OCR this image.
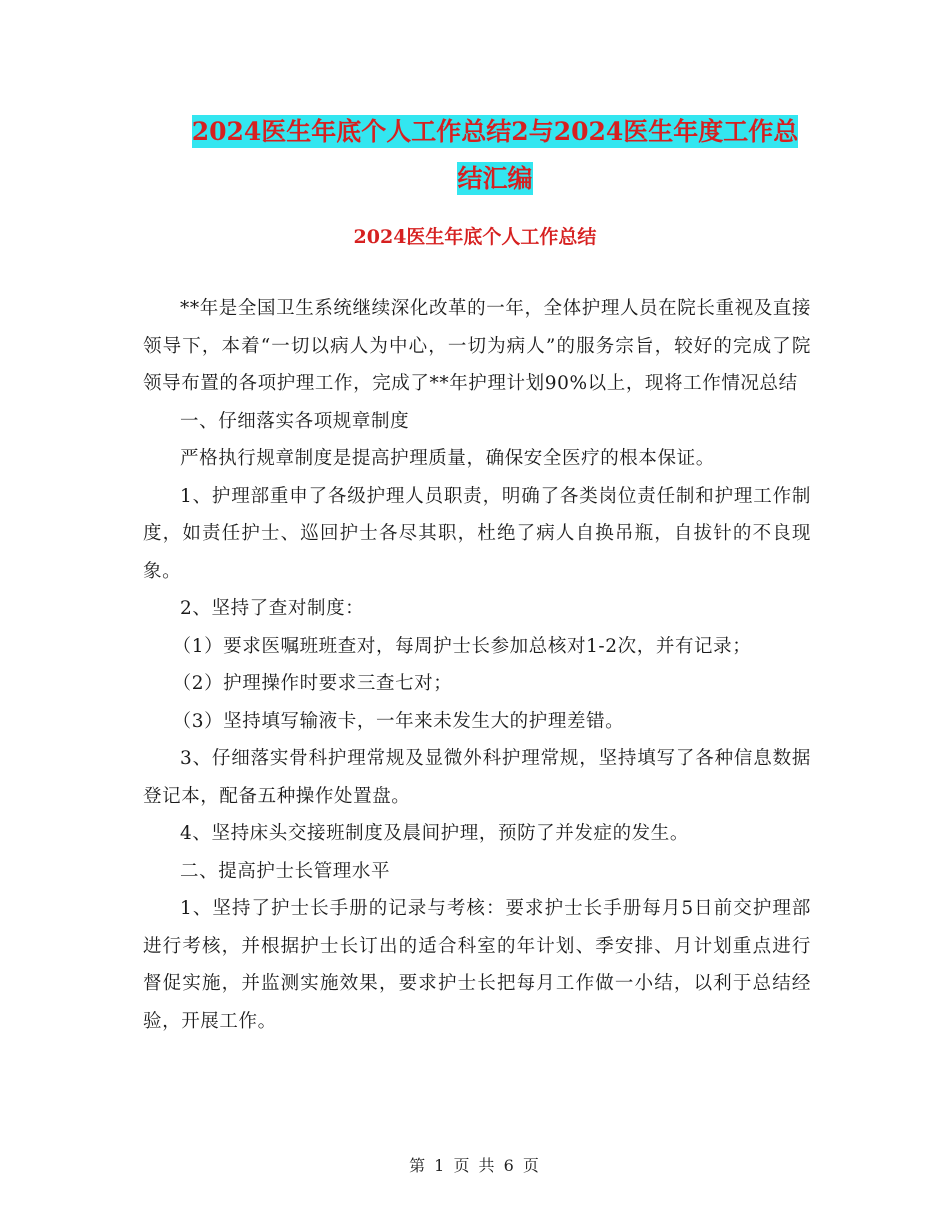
2024医生年底个人工作总结2与2024医生年度工作总
结汇编
2024医生年底个人工作总结

**年是全国卫生系统继续深化改革的一年，全体护理人员在院长重视及直接领导下，本着“一切以病人为中心，一切为病人”的服务宗旨，较好的完成了院领导布置的各项护理工作，完成了**年护理计划90%以上，现将工作情况总结

一、仔细落实各项规章制度

严格执行规章制度是提高护理质量，确保安全医疗的根本保证。

1、护理部重申了各级护理人员职责，明确了各类岗位责任制和护理工作制度，如责任护士、巡回护士各尽其职，杜绝了病人自换吊瓶，自拔针的不良现象。

2、坚持了查对制度：

（1）要求医嘱班班查对，每周护士长参加总核对1-2次，并有记录；

（2）护理操作时要求三查七对；

（3）坚持填写输液卡，一年来未发生大的护理差错。

3、仔细落实骨科护理常规及显微外科护理常规，坚持填写了各种信息数据登记本，配备五种操作处置盘。

4、坚持床头交接班制度及晨间护理，预防了并发症的发生。

二、提高护士长管理水平

1、坚持了护士长手册的记录与考核：要求护士长手册每月5日前交护理部进行考核，并根据护士长订出的适合科室的年计划、季安排、月计划重点进行督促实施，并监测实施效果，要求护士长把每月工作做一小结，以利于总结经验，开展工作。

第 1 页 共 6 页
